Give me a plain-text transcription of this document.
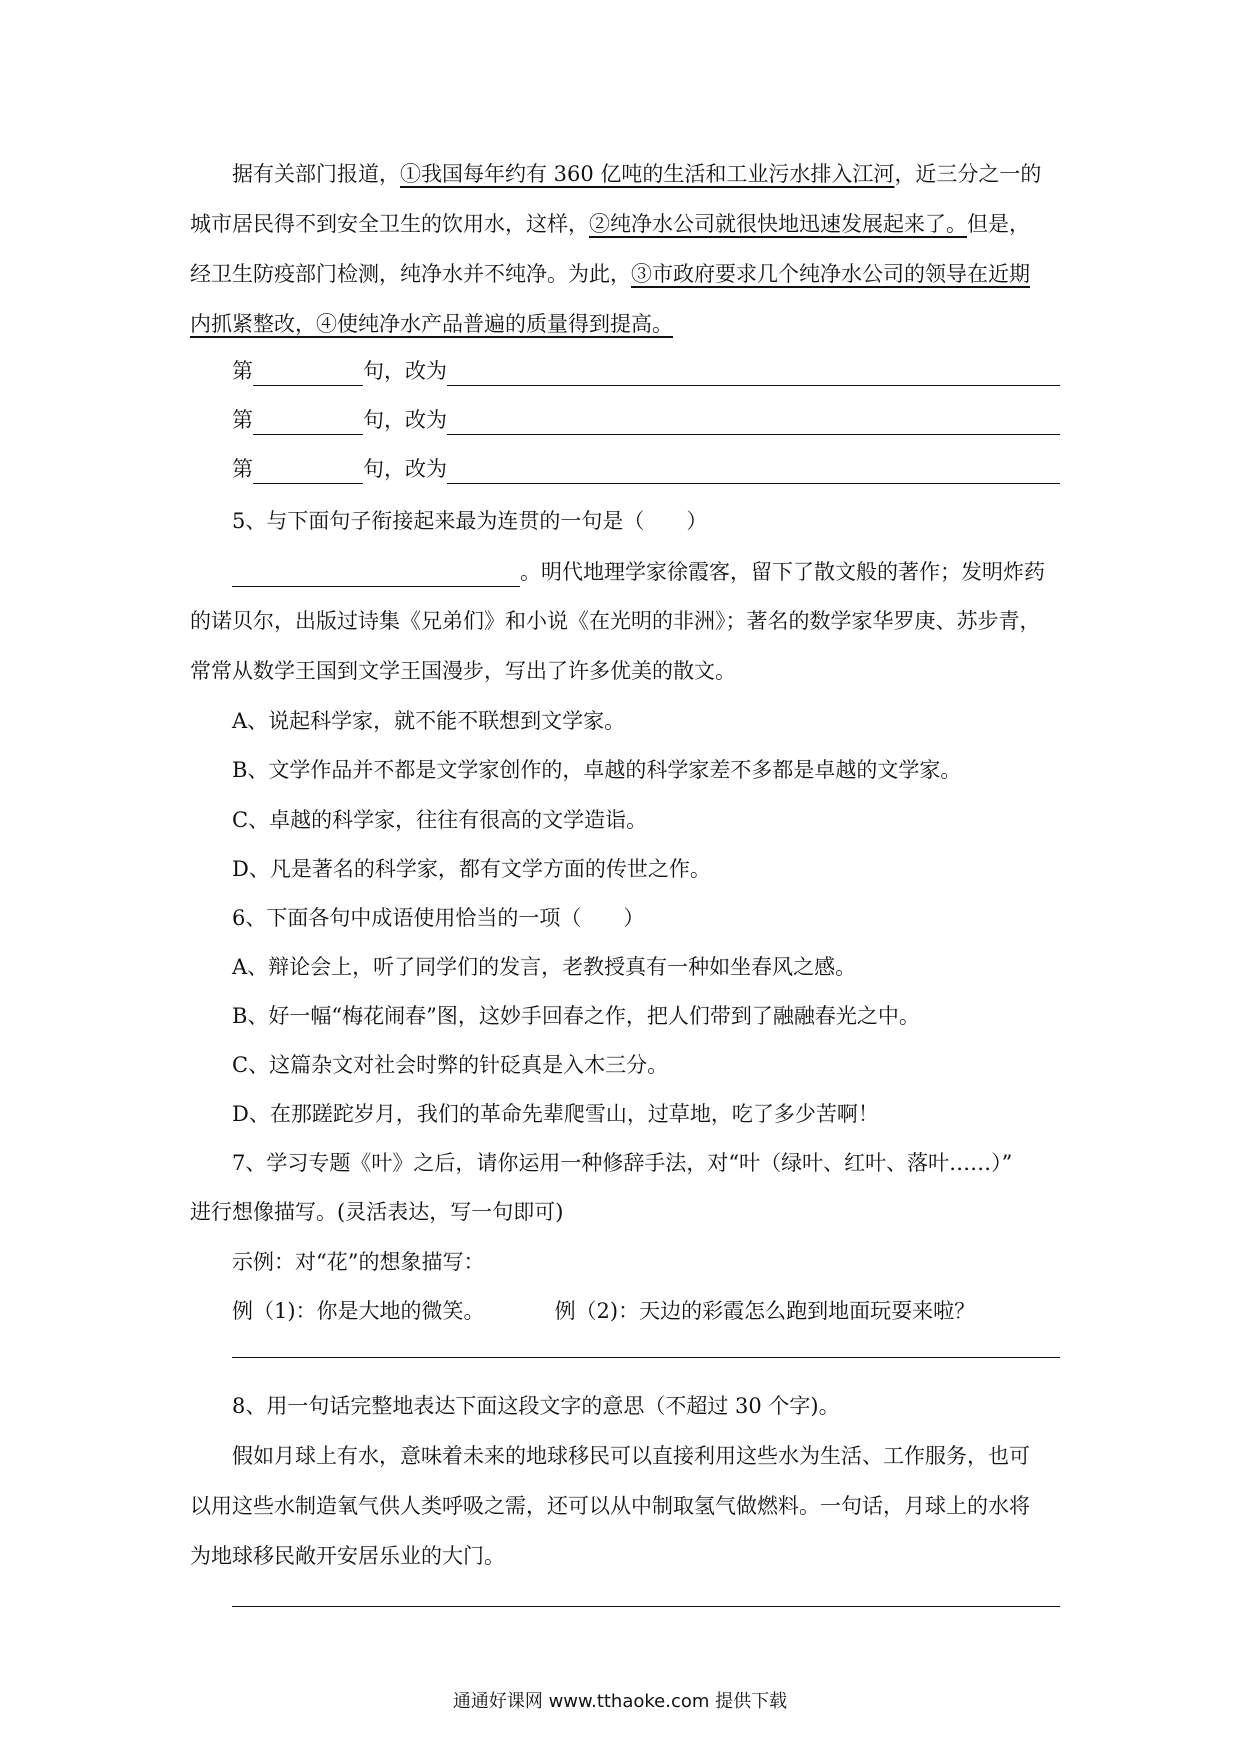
据有关部门报道，①我国每年约有 360 亿吨的生活和工业污水排入江河，近三分之一的
城市居民得不到安全卫生的饮用水，这样，②纯净水公司就很快地迅速发展起来了。但是，
经卫生防疫部门检测，纯净水并不纯净。为此，③市政府要求几个纯净水公司的领导在近期
内抓紧整改，④使纯净水产品普遍的质量得到提高。
第	句，改为
第	句，改为
第	句，改为
5、与下面句子衔接起来最为连贯的一句是（　　）
。明代地理学家徐霞客，留下了散文般的著作；发明炸药
的诺贝尔，出版过诗集《兄弟们》和小说《在光明的非洲》；著名的数学家华罗庚、苏步青，
常常从数学王国到文学王国漫步，写出了许多优美的散文。
A、说起科学家，就不能不联想到文学家。
B、文学作品并不都是文学家创作的，卓越的科学家差不多都是卓越的文学家。
C、卓越的科学家，往往有很高的文学造诣。
D、凡是著名的科学家，都有文学方面的传世之作。
6、下面各句中成语使用恰当的一项（　　）
A、辩论会上，听了同学们的发言，老教授真有一种如坐春风之感。
B、好一幅“梅花闹春”图，这妙手回春之作，把人们带到了融融春光之中。
C、这篇杂文对社会时弊的针砭真是入木三分。
D、在那蹉跎岁月，我们的革命先辈爬雪山，过草地，吃了多少苦啊！
7、学习专题《叶》之后，请你运用一种修辞手法，对“叶（绿叶、红叶、落叶……）”
进行想像描写。(灵活表达，写一句即可)
示例：对“花”的想象描写：
例（1)：你是大地的微笑。	例（2)：天边的彩霞怎么跑到地面玩耍来啦？
8、用一句话完整地表达下面这段文字的意思（不超过 30 个字)。
假如月球上有水，意味着未来的地球移民可以直接利用这些水为生活、工作服务，也可
以用这些水制造氧气供人类呼吸之需，还可以从中制取氢气做燃料。一句话，月球上的水将
为地球移民敞开安居乐业的大门。
通通好课网 www.tthaoke.com 提供下载
